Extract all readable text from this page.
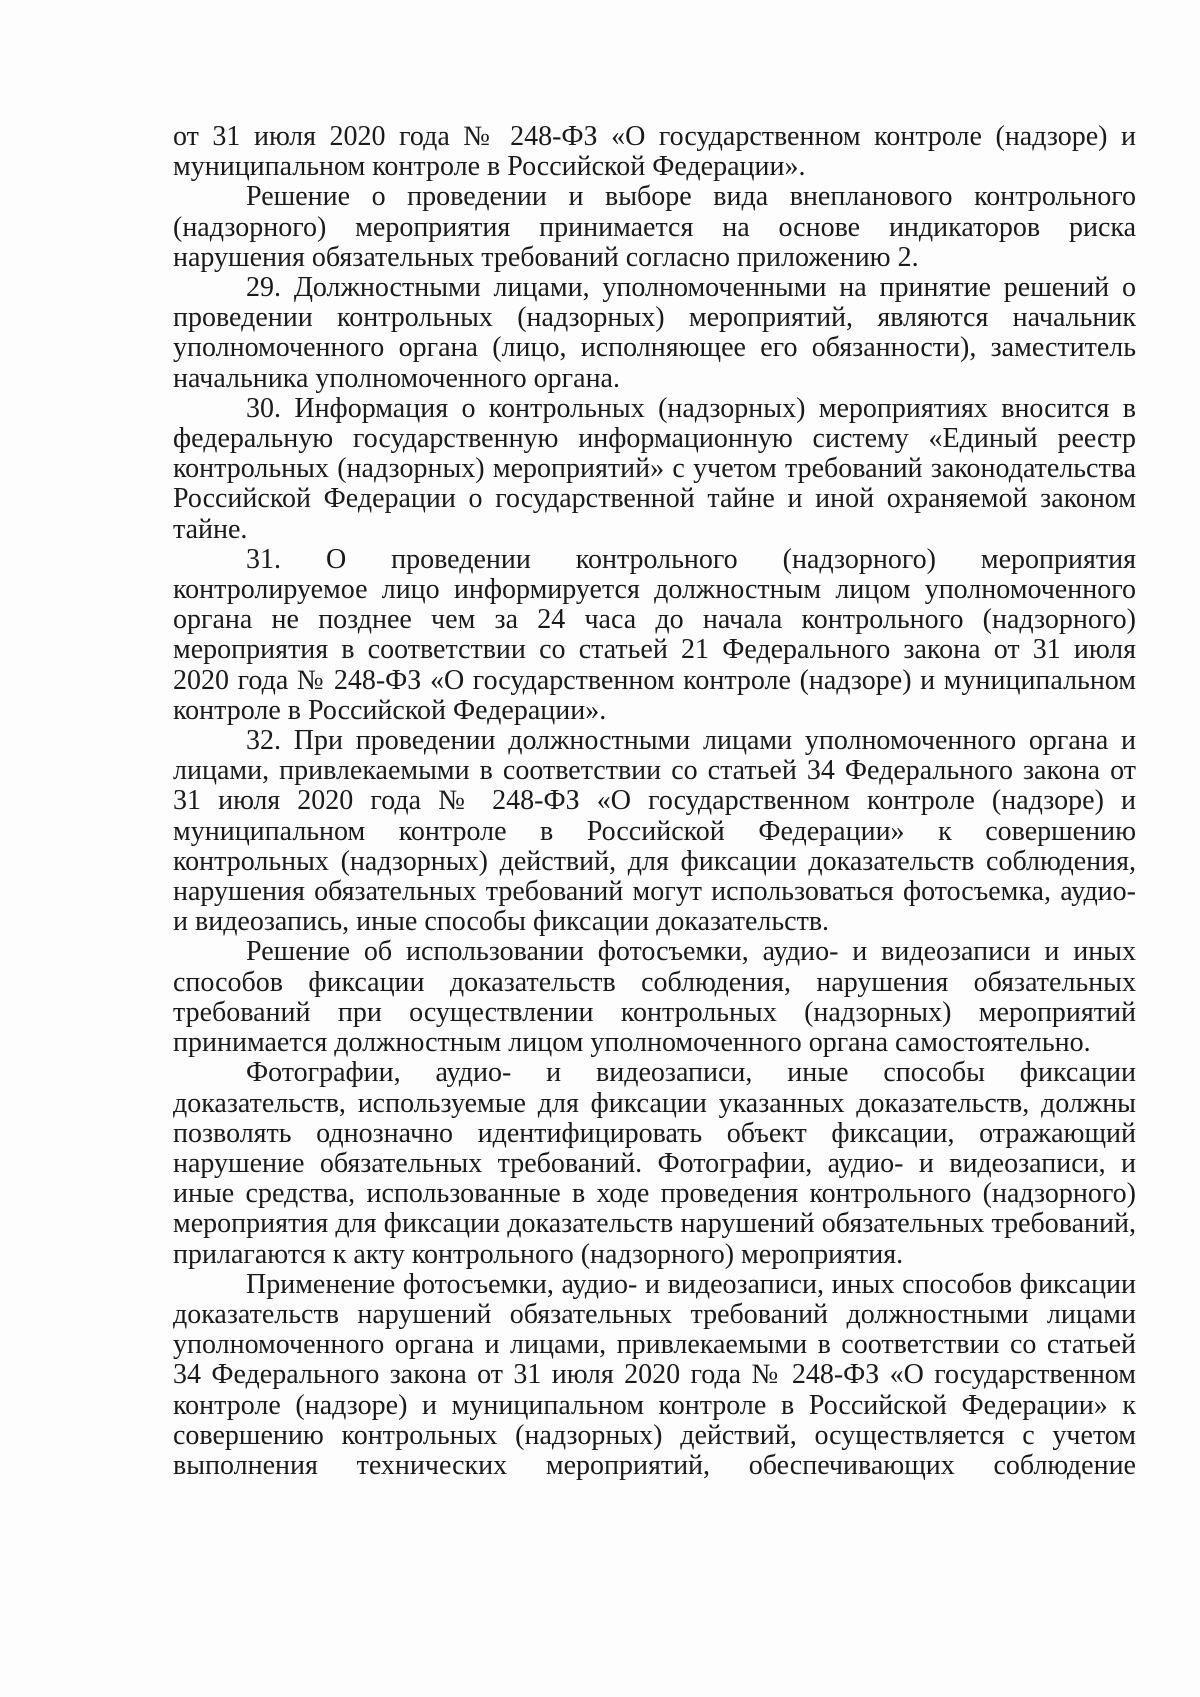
от 31 июля 2020 года № 248-ФЗ «О государственном контроле (надзоре) и муниципальном контроле в Российской Федерации».

Решение о проведении и выборе вида внепланового контрольного (надзорного) мероприятия принимается на основе индикаторов риска нарушения обязательных требований согласно приложению 2.

29. Должностными лицами, уполномоченными на принятие решений о проведении контрольных (надзорных) мероприятий, являются начальник уполномоченного органа (лицо, исполняющее его обязанности), заместитель начальника уполномоченного органа.

30. Информация о контрольных (надзорных) мероприятиях вносится в федеральную государственную информационную систему «Единый реестр контрольных (надзорных) мероприятий» с учетом требований законодательства Российской Федерации о государственной тайне и иной охраняемой законом тайне.

31. О проведении контрольного (надзорного) мероприятия контролируемое лицо информируется должностным лицом уполномоченного органа не позднее чем за 24 часа до начала контрольного (надзорного) мероприятия в соответствии со статьей 21 Федерального закона от 31 июля 2020 года № 248-ФЗ «О государственном контроле (надзоре) и муниципальном контроле в Российской Федерации».

32. При проведении должностными лицами уполномоченного органа и лицами, привлекаемыми в соответствии со статьей 34 Федерального закона от 31 июля 2020 года № 248-ФЗ «О государственном контроле (надзоре) и муниципальном контроле в Российской Федерации» к совершению контрольных (надзорных) действий, для фиксации доказательств соблюдения, нарушения обязательных требований могут использоваться фотосъемка, аудио- и видеозапись, иные способы фиксации доказательств.

Решение об использовании фотосъемки, аудио- и видеозаписи и иных способов фиксации доказательств соблюдения, нарушения обязательных требований при осуществлении контрольных (надзорных) мероприятий принимается должностным лицом уполномоченного органа самостоятельно.

Фотографии, аудио- и видеозаписи, иные способы фиксации доказательств, используемые для фиксации указанных доказательств, должны позволять однозначно идентифицировать объект фиксации, отражающий нарушение обязательных требований. Фотографии, аудио- и видеозаписи, и иные средства, использованные в ходе проведения контрольного (надзорного) мероприятия для фиксации доказательств нарушений обязательных требований, прилагаются к акту контрольного (надзорного) мероприятия.

Применение фотосъемки, аудио- и видеозаписи, иных способов фиксации доказательств нарушений обязательных требований должностными лицами уполномоченного органа и лицами, привлекаемыми в соответствии со статьей 34 Федерального закона от 31 июля 2020 года № 248-ФЗ «О государственном контроле (надзоре) и муниципальном контроле в Российской Федерации» к совершению контрольных (надзорных) действий, осуществляется с учетом выполнения технических мероприятий, обеспечивающих соблюдение
